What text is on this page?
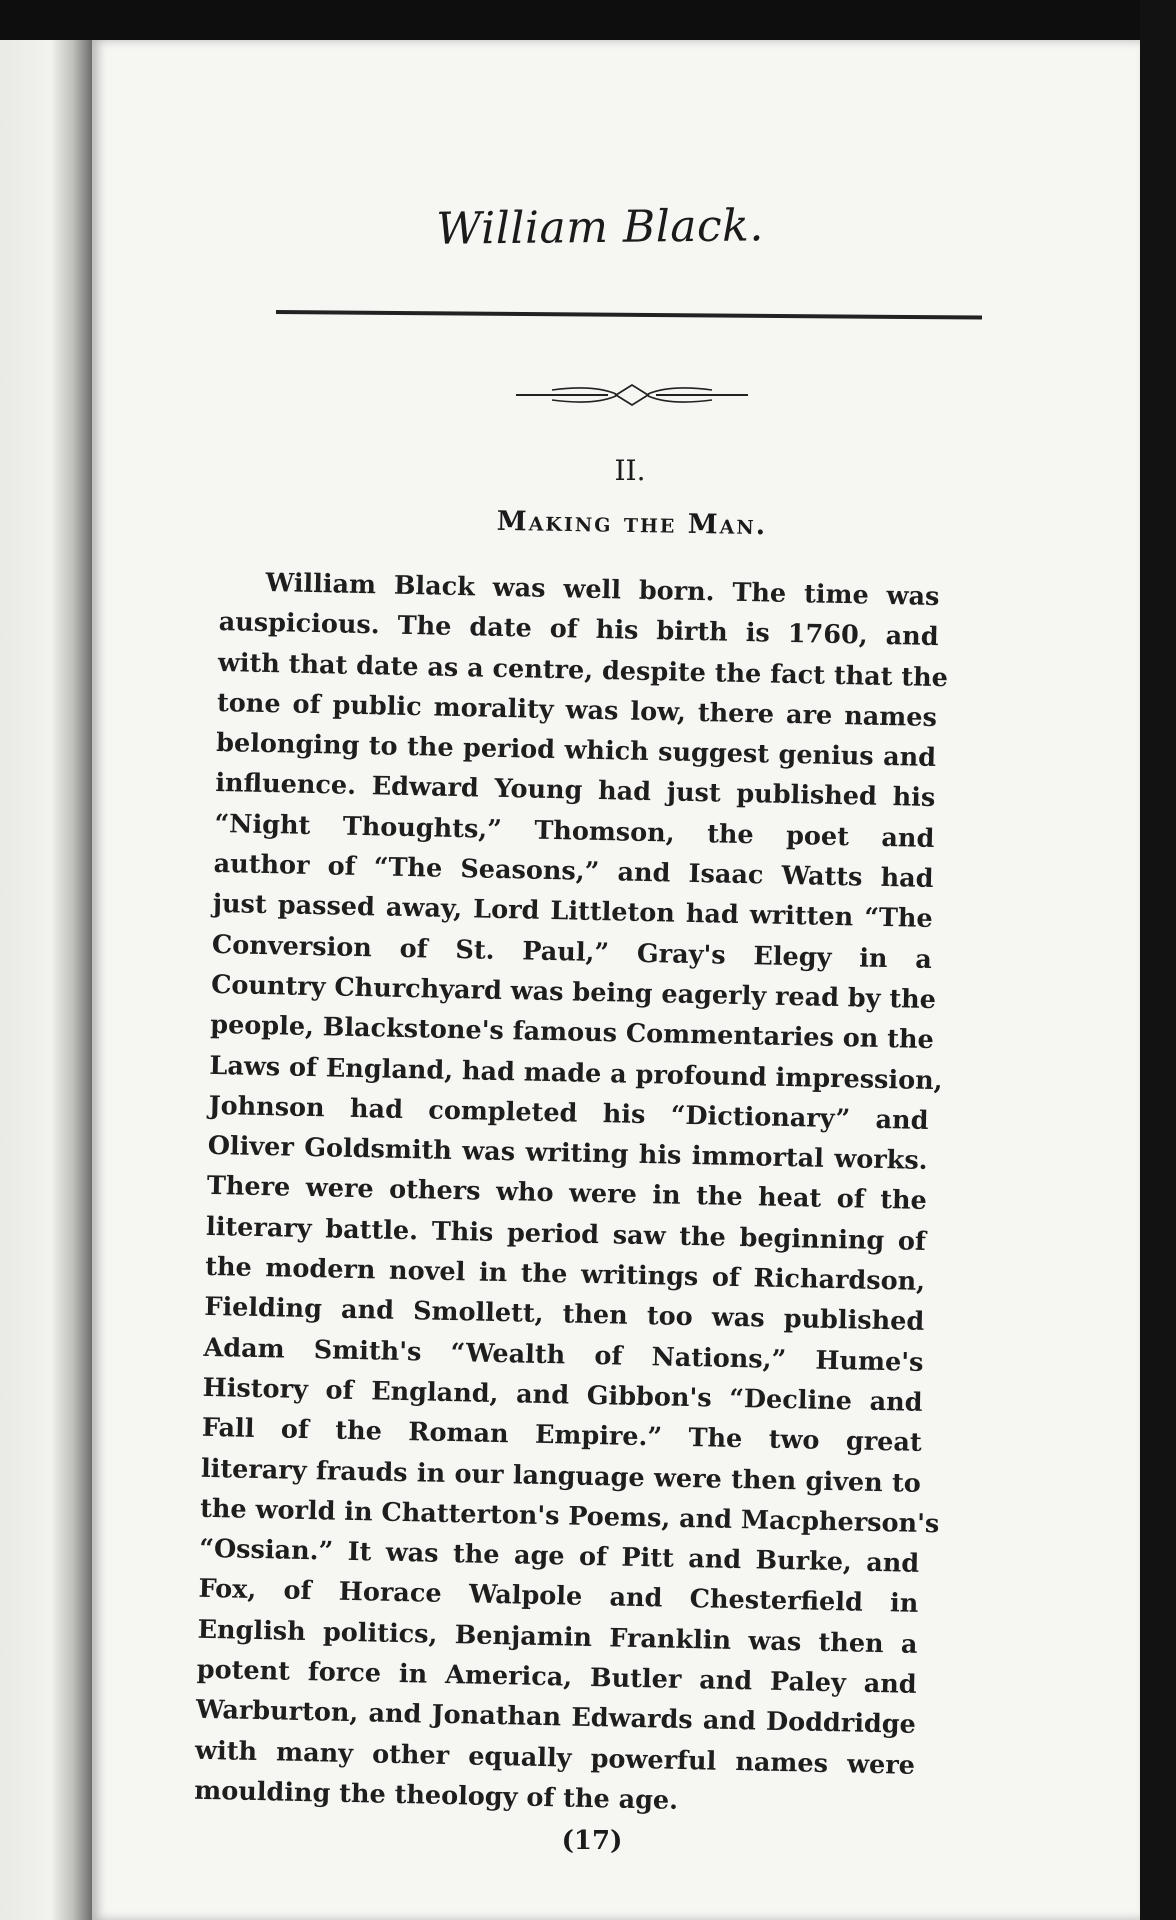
William Black.
II.
Making the Man.
William Black was well born. The time was
auspicious. The date of his birth is 1760, and
with that date as a centre, despite the fact that the
tone of public morality was low, there are names
belonging to the period which suggest genius and
influence. Edward Young had just published his
“Night Thoughts,” Thomson, the poet and
author of “The Seasons,” and Isaac Watts had
just passed away, Lord Littleton had written “The
Conversion of St. Paul,” Gray's Elegy in a
Country Churchyard was being eagerly read by the
people, Blackstone's famous Commentaries on the
Laws of England, had made a profound impression,
Johnson had completed his “Dictionary” and
Oliver Goldsmith was writing his immortal works.
There were others who were in the heat of the
literary battle. This period saw the beginning of
the modern novel in the writings of Richardson,
Fielding and Smollett, then too was published
Adam Smith's “Wealth of Nations,” Hume's
History of England, and Gibbon's “Decline and
Fall of the Roman Empire.” The two great
literary frauds in our language were then given to
the world in Chatterton's Poems, and Macpherson's
“Ossian.” It was the age of Pitt and Burke, and
Fox, of Horace Walpole and Chesterfield in
English politics, Benjamin Franklin was then a
potent force in America, Butler and Paley and
Warburton, and Jonathan Edwards and Doddridge
with many other equally powerful names were
moulding the theology of the age.
(17)
